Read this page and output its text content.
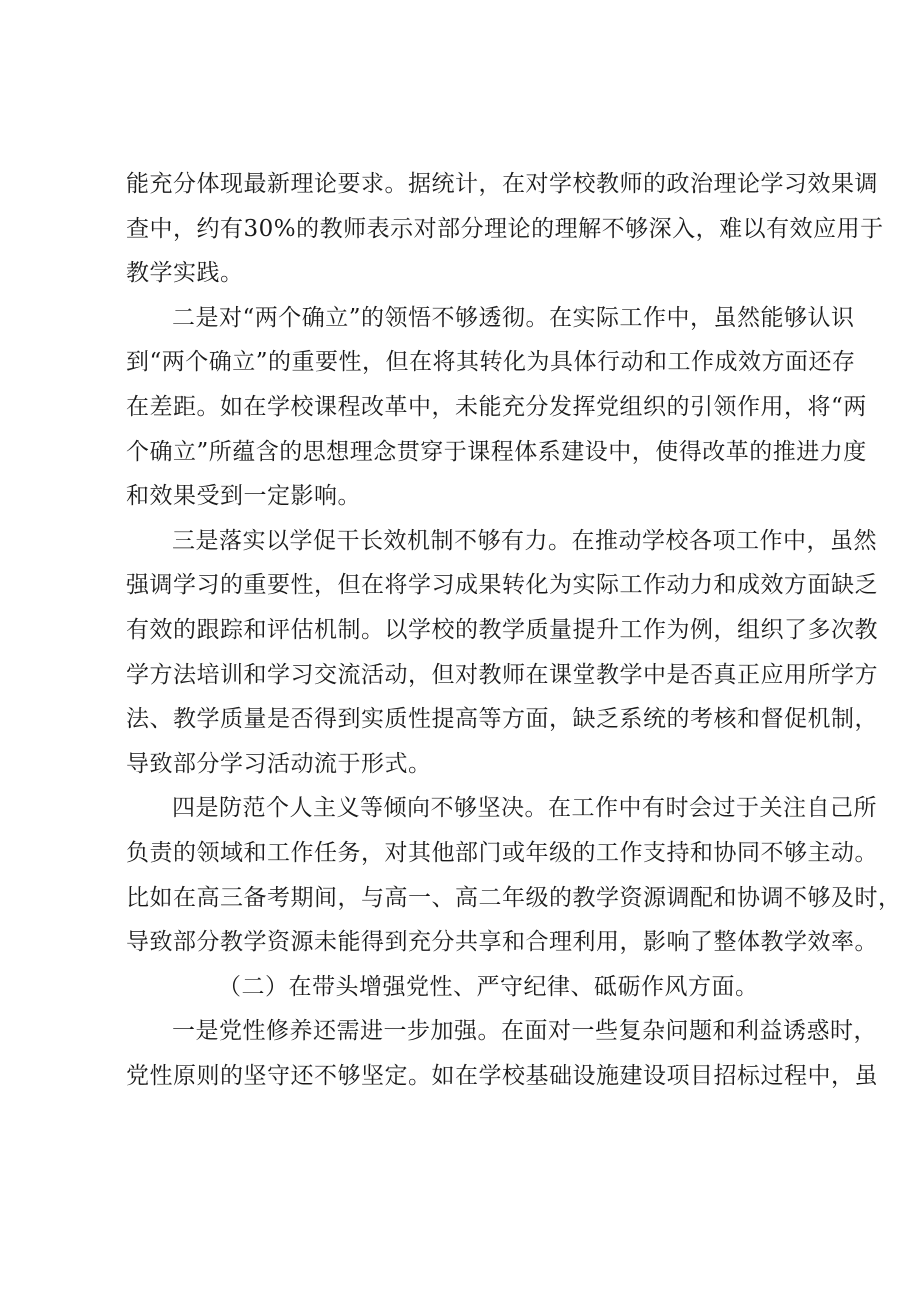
能充分体现最新理论要求。据统计，在对学校教师的政治理论学习效果调
查中，约有30%的教师表示对部分理论的理解不够深入，难以有效应用于
教学实践。
二是对“两个确立”的领悟不够透彻。在实际工作中，虽然能够认识
到“两个确立”的重要性，但在将其转化为具体行动和工作成效方面还存
在差距。如在学校课程改革中，未能充分发挥党组织的引领作用，将“两
个确立”所蕴含的思想理念贯穿于课程体系建设中，使得改革的推进力度
和效果受到一定影响。
三是落实以学促干长效机制不够有力。在推动学校各项工作中，虽然
强调学习的重要性，但在将学习成果转化为实际工作动力和成效方面缺乏
有效的跟踪和评估机制。以学校的教学质量提升工作为例，组织了多次教
学方法培训和学习交流活动，但对教师在课堂教学中是否真正应用所学方
法、教学质量是否得到实质性提高等方面，缺乏系统的考核和督促机制，
导致部分学习活动流于形式。
四是防范个人主义等倾向不够坚决。在工作中有时会过于关注自己所
负责的领域和工作任务，对其他部门或年级的工作支持和协同不够主动。
比如在高三备考期间，与高一、高二年级的教学资源调配和协调不够及时，
导致部分教学资源未能得到充分共享和合理利用，影响了整体教学效率。
（二）在带头增强党性、严守纪律、砥砺作风方面。
一是党性修养还需进一步加强。在面对一些复杂问题和利益诱惑时，
党性原则的坚守还不够坚定。如在学校基础设施建设项目招标过程中，虽
